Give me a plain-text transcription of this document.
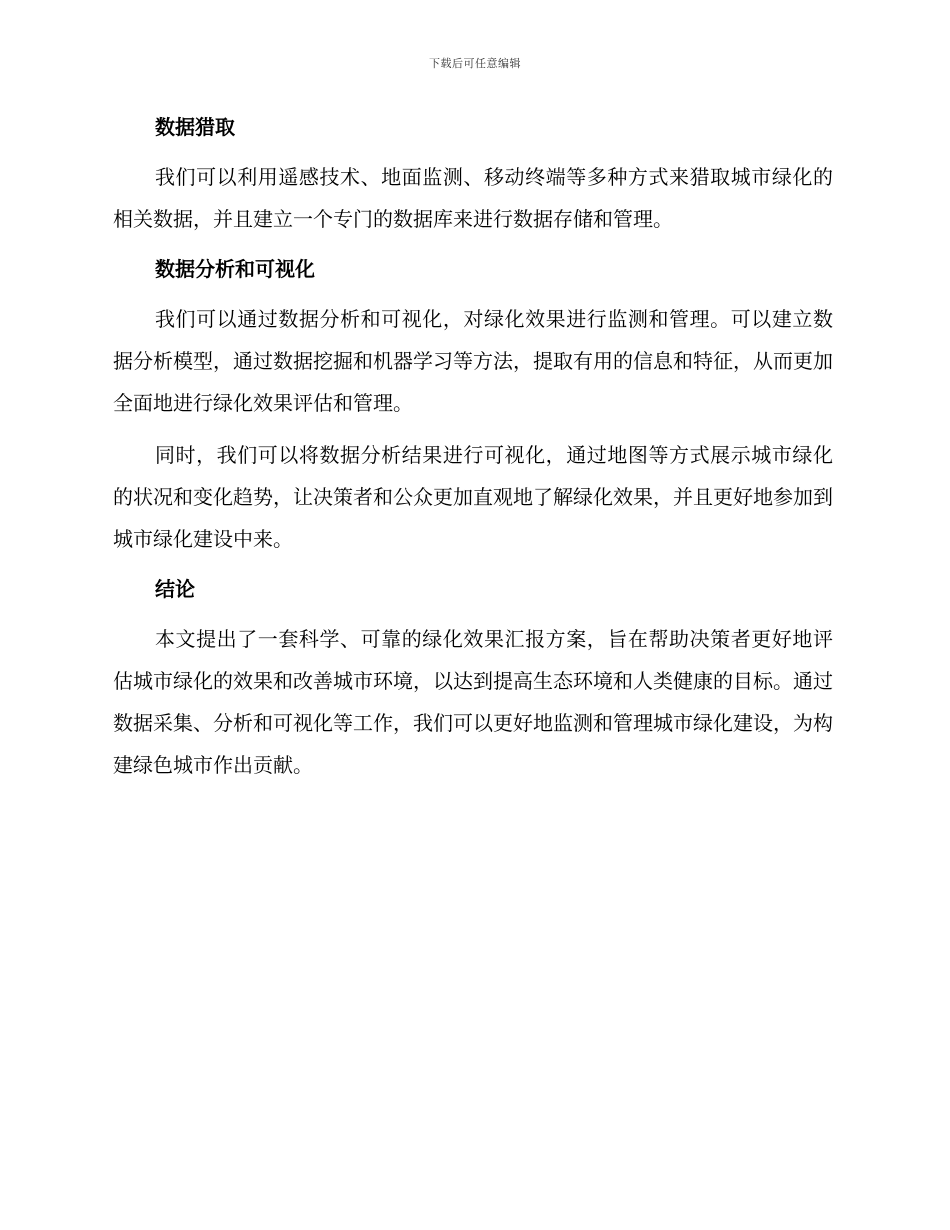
下载后可任意编辑
数据猎取

我们可以利用遥感技术、地面监测、移动终端等多种方式来猎取城市绿化的相关数据，并且建立一个专门的数据库来进行数据存储和管理。

数据分析和可视化

我们可以通过数据分析和可视化，对绿化效果进行监测和管理。可以建立数据分析模型，通过数据挖掘和机器学习等方法，提取有用的信息和特征，从而更加全面地进行绿化效果评估和管理。

同时，我们可以将数据分析结果进行可视化，通过地图等方式展示城市绿化的状况和变化趋势，让决策者和公众更加直观地了解绿化效果，并且更好地参加到城市绿化建设中来。

结论

本文提出了一套科学、可靠的绿化效果汇报方案，旨在帮助决策者更好地评估城市绿化的效果和改善城市环境，以达到提高生态环境和人类健康的目标。通过数据采集、分析和可视化等工作，我们可以更好地监测和管理城市绿化建设，为构建绿色城市作出贡献。
